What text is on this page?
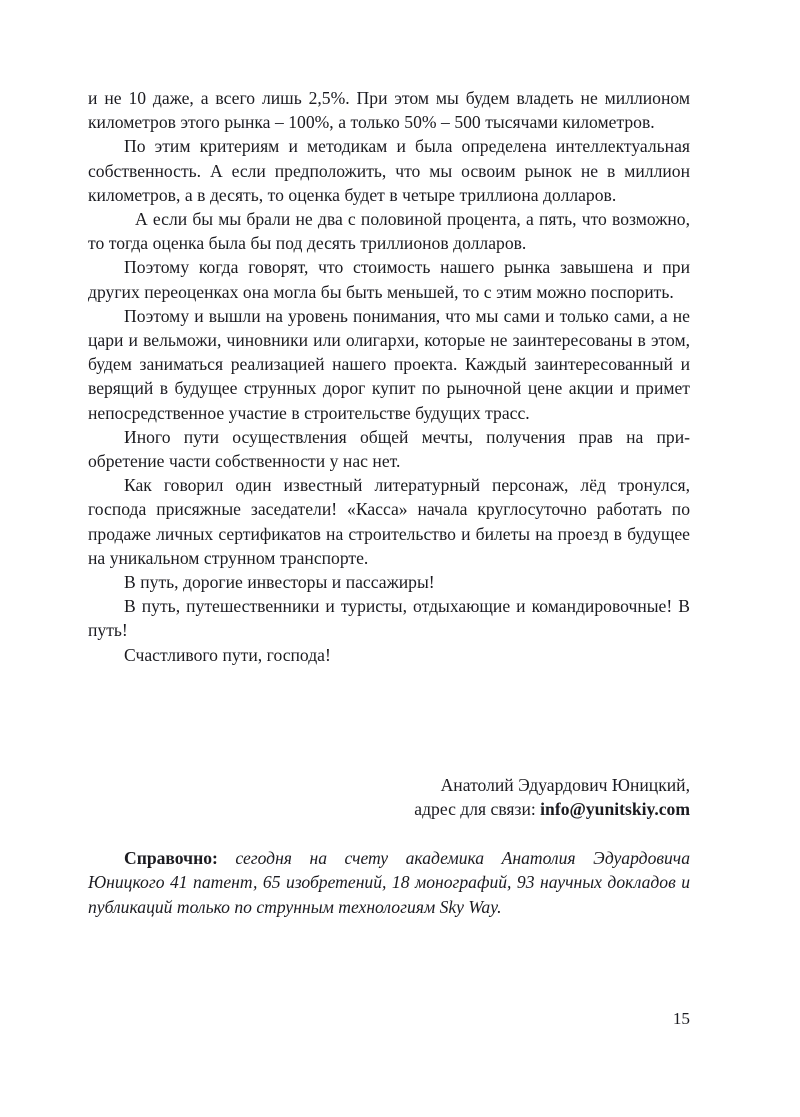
и не 10 даже, а всего лишь 2,5%. При этом мы будем владеть не миллионом километров этого рынка – 100%, а только 50% – 500 тысячами километров.

По этим критериям и методикам и была определена интеллектуальная собственность. А если предположить, что мы освоим рынок не в миллион километров, а в десять, то оценка будет в четыре триллиона долларов.

А если бы мы брали не два с половиной процента, а пять, что возможно, то тогда оценка была бы под десять триллионов долларов.

Поэтому когда говорят, что стоимость нашего рынка завышена и при других переоценках она могла бы быть меньшей, то с этим можно поспорить.

Поэтому и вышли на уровень понимания, что мы сами и только сами, а не цари и вельможи, чиновники или олигархи, которые не заинтересованы в этом, будем заниматься реализацией нашего проекта. Каждый заинтересованный и верящий в будущее струнных дорог купит по рыночной цене акции и примет непосредственное участие в строительстве будущих трасс.

Иного пути осуществления общей мечты, получения прав на приобретение части собственности у нас нет.

Как говорил один известный литературный персонаж, лёд тронулся, господа присяжные заседатели! «Касса» начала круглосуточно работать по продаже личных сертификатов на строительство и билеты на проезд в будущее на уникальном струнном транспорте.

В путь, дорогие инвесторы и пассажиры!

В путь, путешественники и туристы, отдыхающие и командировочные! В путь!

Счастливого пути, господа!

Анатолий Эдуардович Юницкий,
адрес для связи: info@yunitskiy.com
Справочно: сегодня на счету академика Анатолия Эдуардовича Юницкого 41 патент, 65 изобретений, 18 монографий, 93 научных докладов и публикаций только по струнным технологиям Sky Way.
15
